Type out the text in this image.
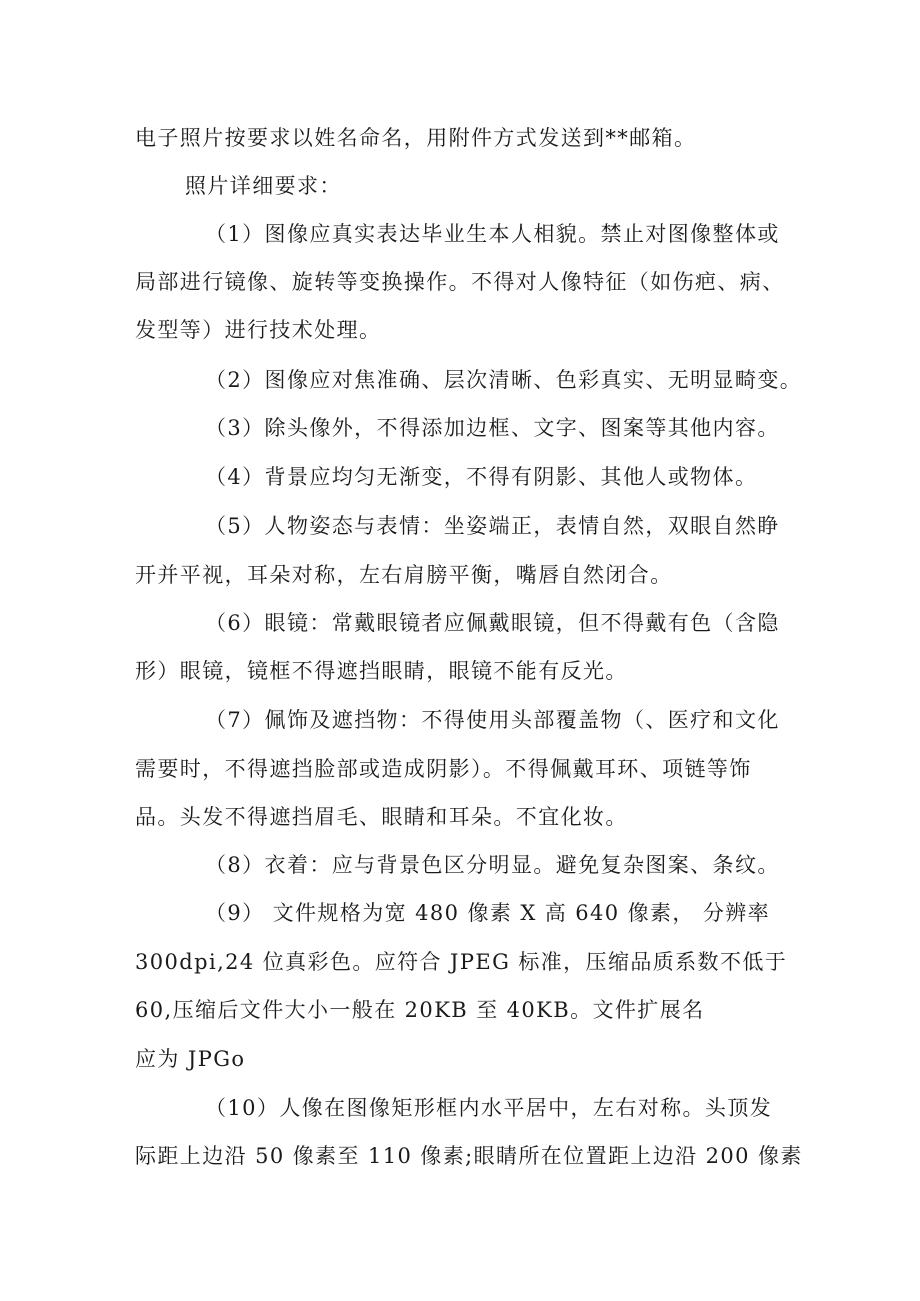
电子照片按要求以姓名命名，用附件方式发送到**邮箱。
照片详细要求：
（1）图像应真实表达毕业生本人相貌。禁止对图像整体或
局部进行镜像、旋转等变换操作。不得对人像特征（如伤疤、病、
发型等）进行技术处理。
（2）图像应对焦准确、层次清晰、色彩真实、无明显畸变。
（3）除头像外，不得添加边框、文字、图案等其他内容。
（4）背景应均匀无渐变，不得有阴影、其他人或物体。
（5）人物姿态与表情：坐姿端正，表情自然，双眼自然睁
开并平视，耳朵对称，左右肩膀平衡，嘴唇自然闭合。
（6）眼镜：常戴眼镜者应佩戴眼镜，但不得戴有色（含隐
形）眼镜，镜框不得遮挡眼睛，眼镜不能有反光。
（7）佩饰及遮挡物：不得使用头部覆盖物（、医疗和文化
需要时，不得遮挡脸部或造成阴影）。不得佩戴耳环、项链等饰
品。头发不得遮挡眉毛、眼睛和耳朵。不宜化妆。
（8）衣着：应与背景色区分明显。避免复杂图案、条纹。
（9） 文件规格为宽 480 像素 X 高 640 像素， 分辨率
300dpi,24 位真彩色。应符合 JPEG 标准，压缩品质系数不低于
60,压缩后文件大小一般在 20KB 至 40KB。文件扩展名
应为 JPGo
（10）人像在图像矩形框内水平居中，左右对称。头顶发
际距上边沿 50 像素至 110 像素;眼睛所在位置距上边沿 200 像素
